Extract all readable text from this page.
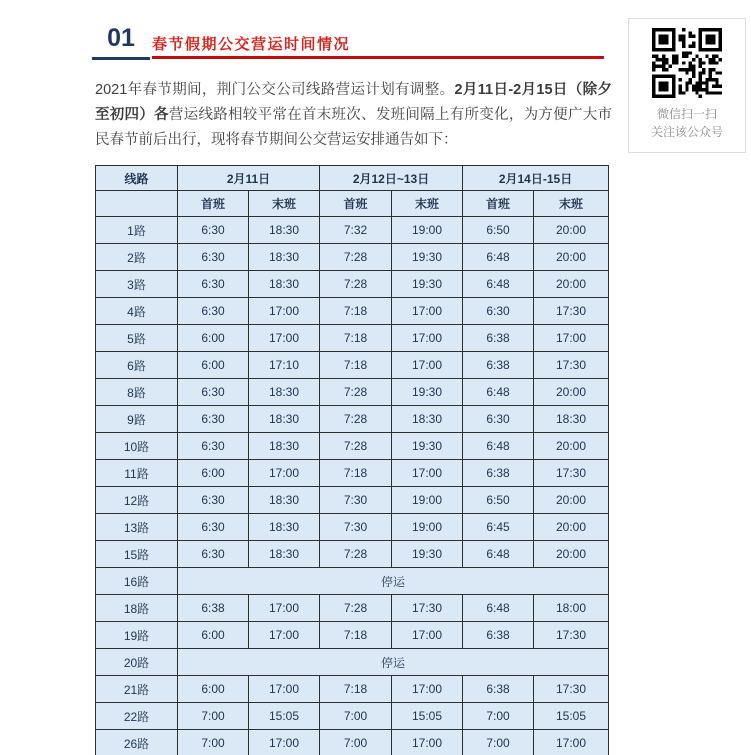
01	春节假期公交营运时间情况

2021年春节期间，荆门公交公司线路营运计划有调整。2月11日-2月15日（除夕至初四）各营运线路相较平常在首末班次、发班间隔上有所变化，为方便广大市民春节前后出行，现将春节期间公交营运安排通告如下：

线路	2月11日		2月12日~13日		2月14日-15日	
	首班	末班	首班	末班	首班	末班
1路	6:30	18:30	7:32	19:00	6:50	20:00
2路	6:30	18:30	7:28	19:30	6:48	20:00
3路	6:30	18:30	7:28	19:30	6:48	20:00
4路	6:30	17:00	7:18	17:00	6:30	17:30
5路	6:00	17:00	7:18	17:00	6:38	17:00
6路	6:00	17:10	7:18	17:00	6:38	17:30
8路	6:30	18:30	7:28	19:30	6:48	20:00
9路	6:30	18:30	7:28	18:30	6:30	18:30
10路	6:30	18:30	7:28	19:30	6:48	20:00
11路	6:00	17:00	7:18	17:00	6:38	17:30
12路	6:30	18:30	7:30	19:00	6:50	20:00
13路	6:30	18:30	7:30	19:00	6:45	20:00
15路	6:30	18:30	7:28	19:30	6:48	20:00
16路	停运					
18路	6:38	17:00	7:28	17:30	6:48	18:00
19路	6:00	17:00	7:18	17:00	6:38	17:30
20路	停运					
21路	6:00	17:00	7:18	17:00	6:38	17:30
22路	7:00	15:05	7:00	15:05	7:00	15:05
26路	7:00	17:00	7:00	17:00	7:00	17:00
微信扫一扫
关注该公众号
